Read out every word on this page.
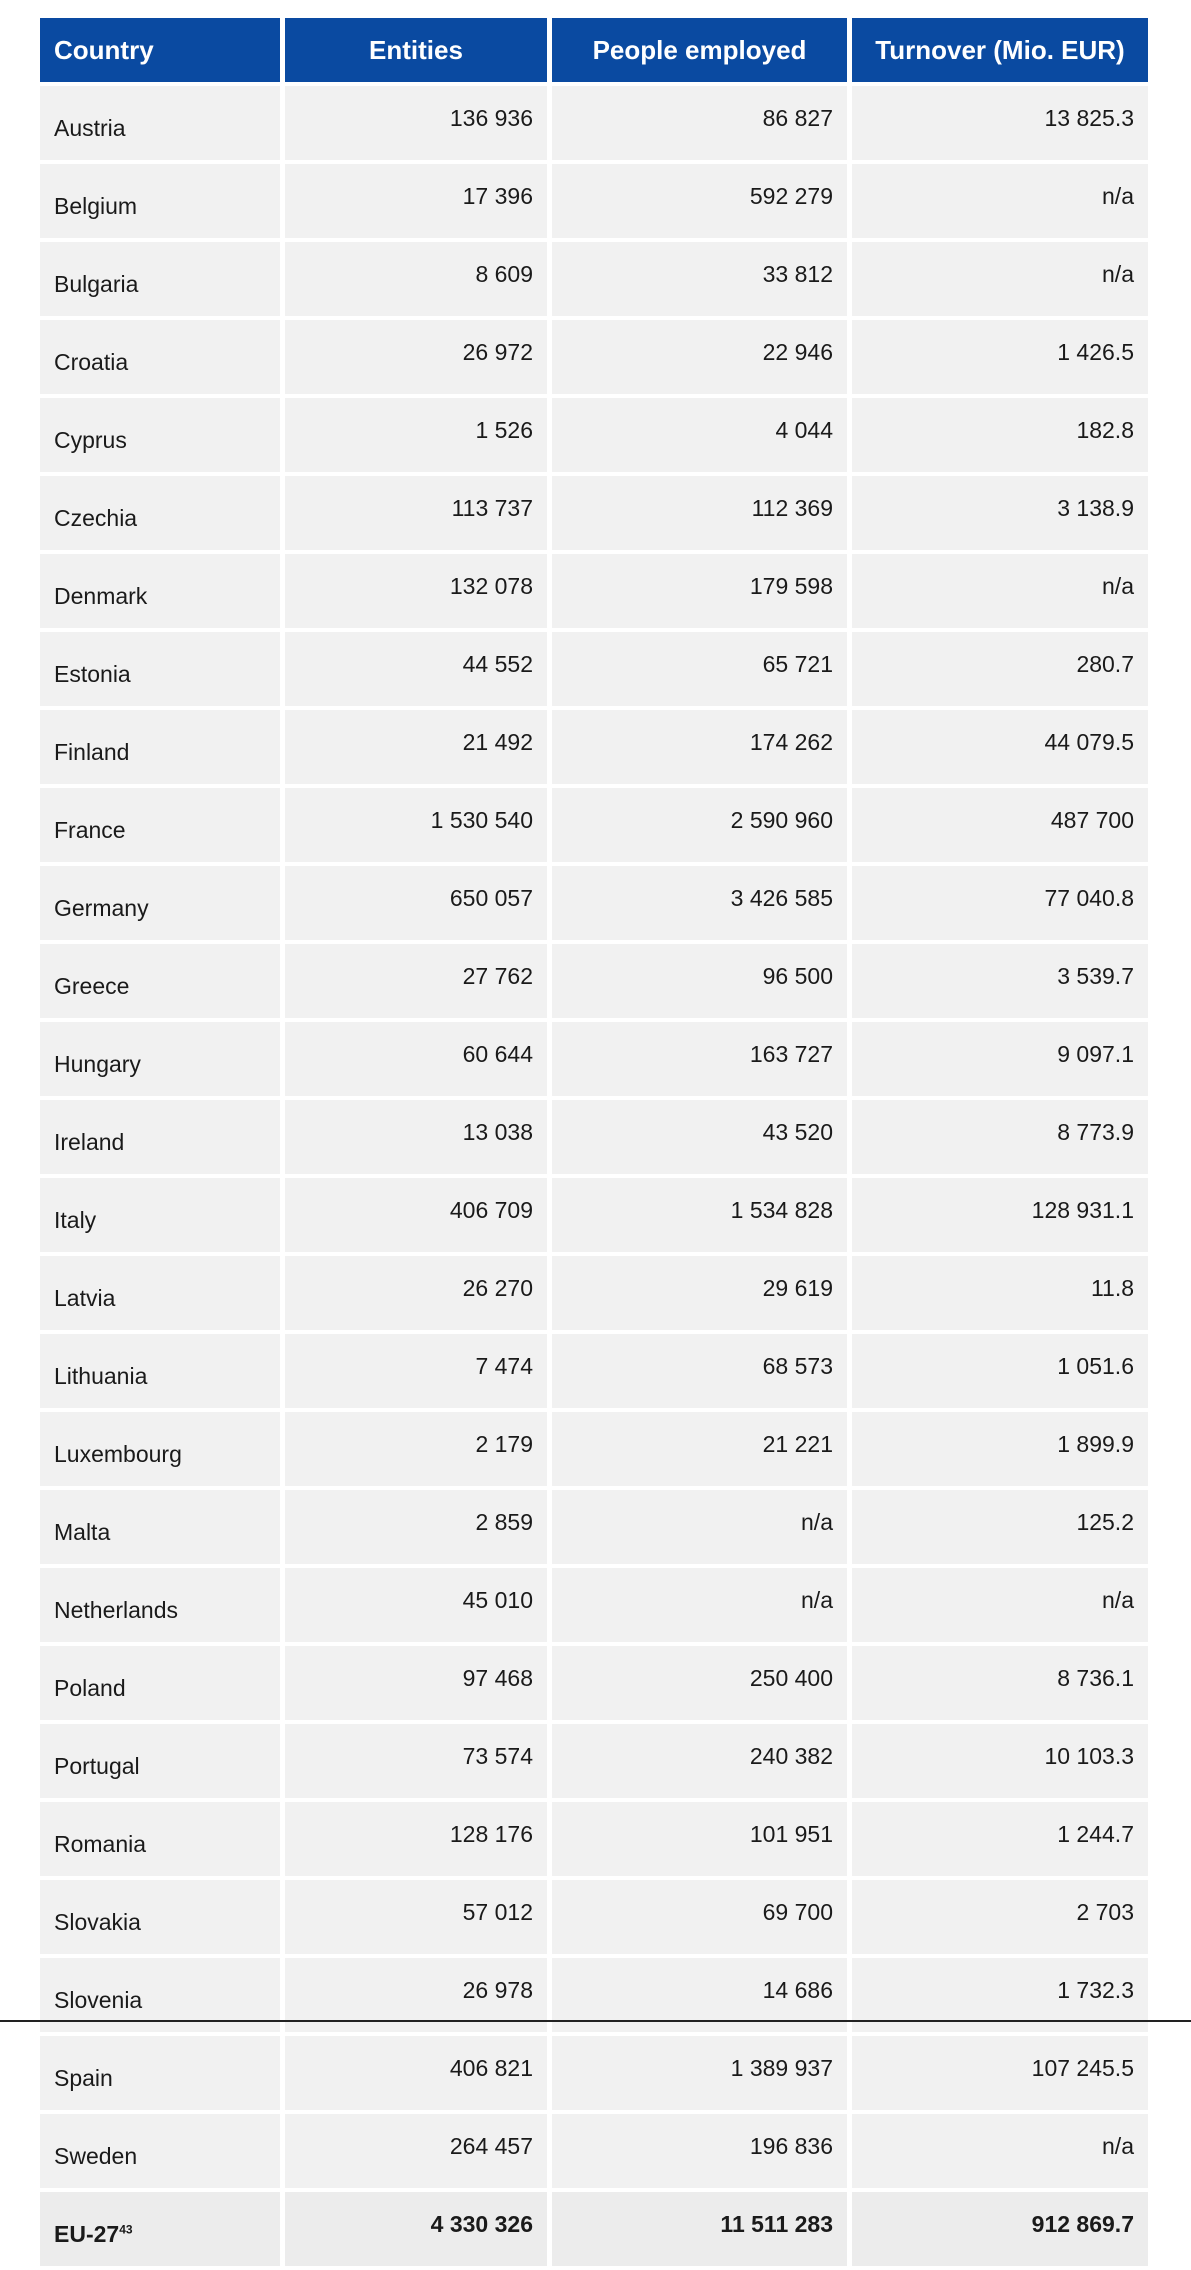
Country	Entities	People employed	Turnover (Mio. EUR)
Austria	136 936	86 827	13 825.3
Belgium	17 396	592 279	n/a
Bulgaria	8 609	33 812	n/a
Croatia	26 972	22 946	1 426.5
Cyprus	1 526	4 044	182.8
Czechia	113 737	112 369	3 138.9
Denmark	132 078	179 598	n/a
Estonia	44 552	65 721	280.7
Finland	21 492	174 262	44 079.5
France	1 530 540	2 590 960	487 700
Germany	650 057	3 426 585	77 040.8
Greece	27 762	96 500	3 539.7
Hungary	60 644	163 727	9 097.1
Ireland	13 038	43 520	8 773.9
Italy	406 709	1 534 828	128 931.1
Latvia	26 270	29 619	11.8
Lithuania	7 474	68 573	1 051.6
Luxembourg	2 179	21 221	1 899.9
Malta	2 859	n/a	125.2
Netherlands	45 010	n/a	n/a
Poland	97 468	250 400	8 736.1
Portugal	73 574	240 382	10 103.3
Romania	128 176	101 951	1 244.7
Slovakia	57 012	69 700	2 703
Slovenia	26 978	14 686	1 732.3
Spain	406 821	1 389 937	107 245.5
Sweden	264 457	196 836	n/a
$EU-27^{43}$	4 330 326	11 511 283	912 869.7
